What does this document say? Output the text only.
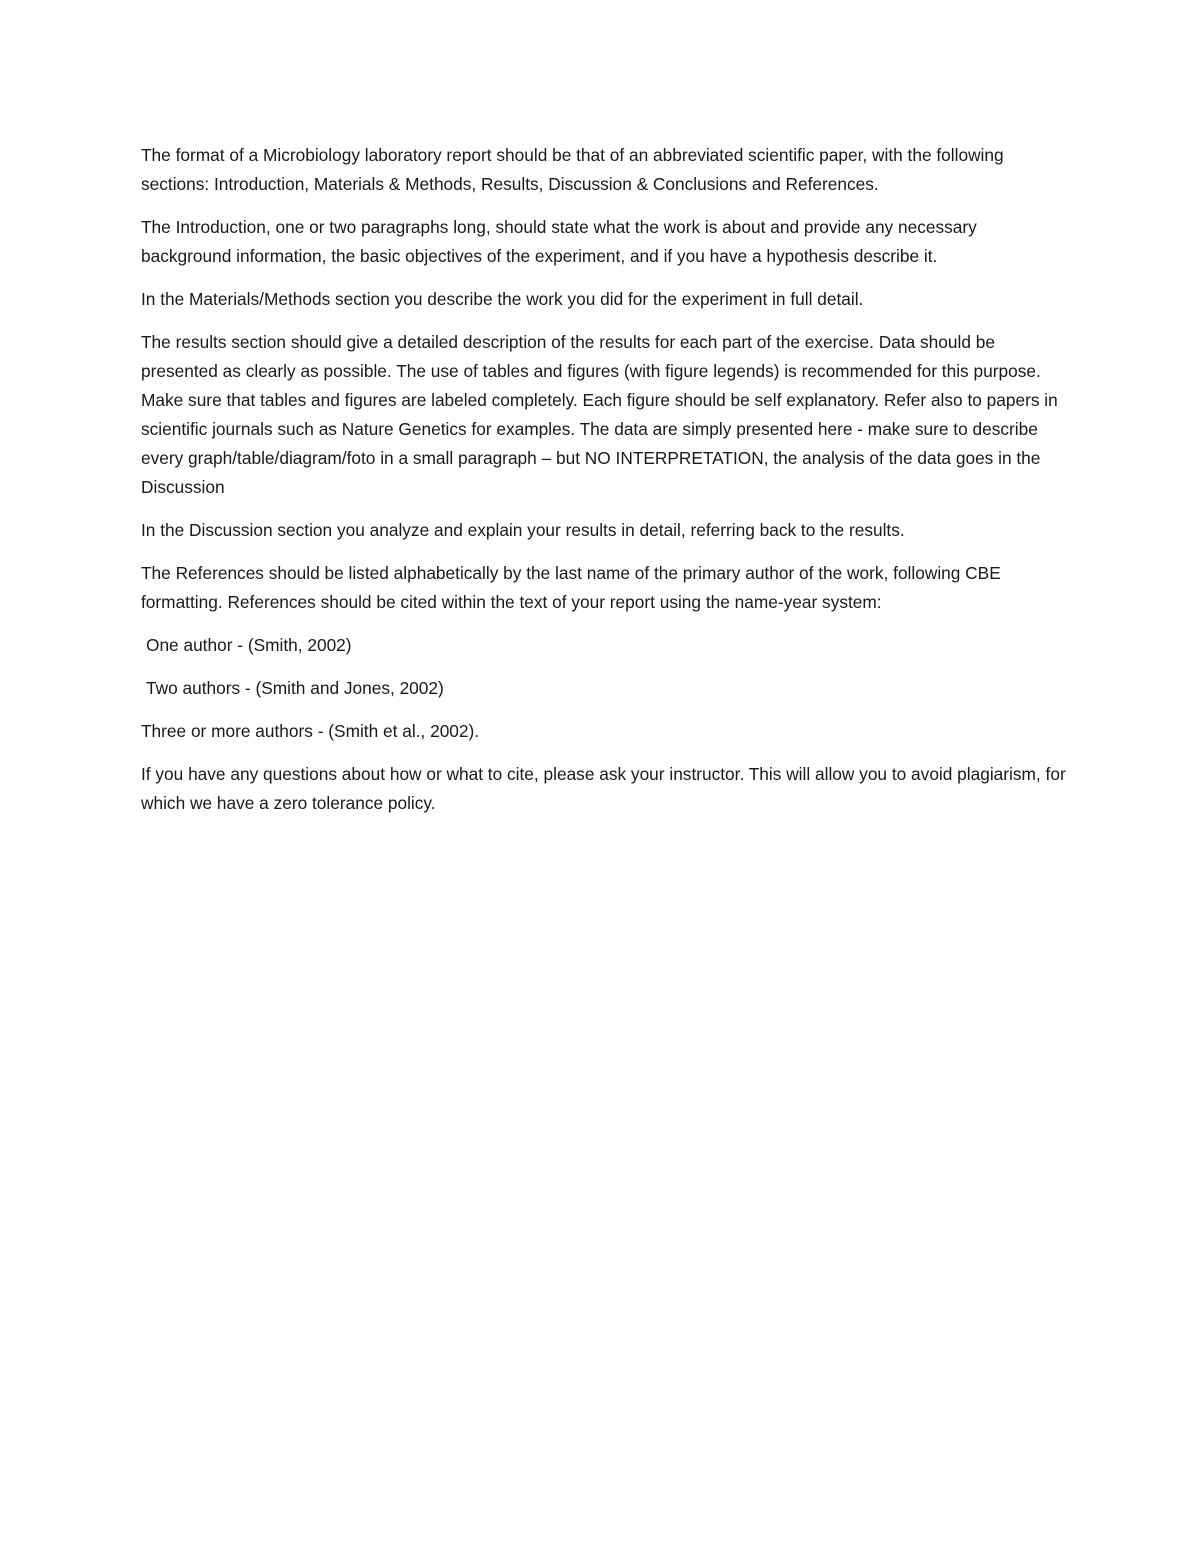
The format of a Microbiology laboratory report should be that of an abbreviated scientific paper, with the following sections: Introduction, Materials & Methods, Results, Discussion & Conclusions and References.

The Introduction, one or two paragraphs long, should state what the work is about and provide any necessary background information, the basic objectives of the experiment, and if you have a hypothesis describe it.

In the Materials/Methods section you describe the work you did for the experiment in full detail.

The results section should give a detailed description of the results for each part of the exercise. Data should be presented as clearly as possible. The use of tables and figures (with figure legends) is recommended for this purpose. Make sure that tables and figures are labeled completely. Each figure should be self explanatory. Refer also to papers in scientific journals such as Nature Genetics for examples. The data are simply presented here - make sure to describe every graph/table/diagram/foto in a small paragraph – but NO INTERPRETATION, the analysis of the data goes in the Discussion

In the Discussion section you analyze and explain your results in detail, referring back to the results.

The References should be listed alphabetically by the last name of the primary author of the work, following CBE formatting. References should be cited within the text of your report using the name-year system:

One author - (Smith, 2002)

Two authors - (Smith and Jones, 2002)

Three or more authors - (Smith et al., 2002).

If you have any questions about how or what to cite, please ask your instructor. This will allow you to avoid plagiarism, for which we have a zero tolerance policy.
